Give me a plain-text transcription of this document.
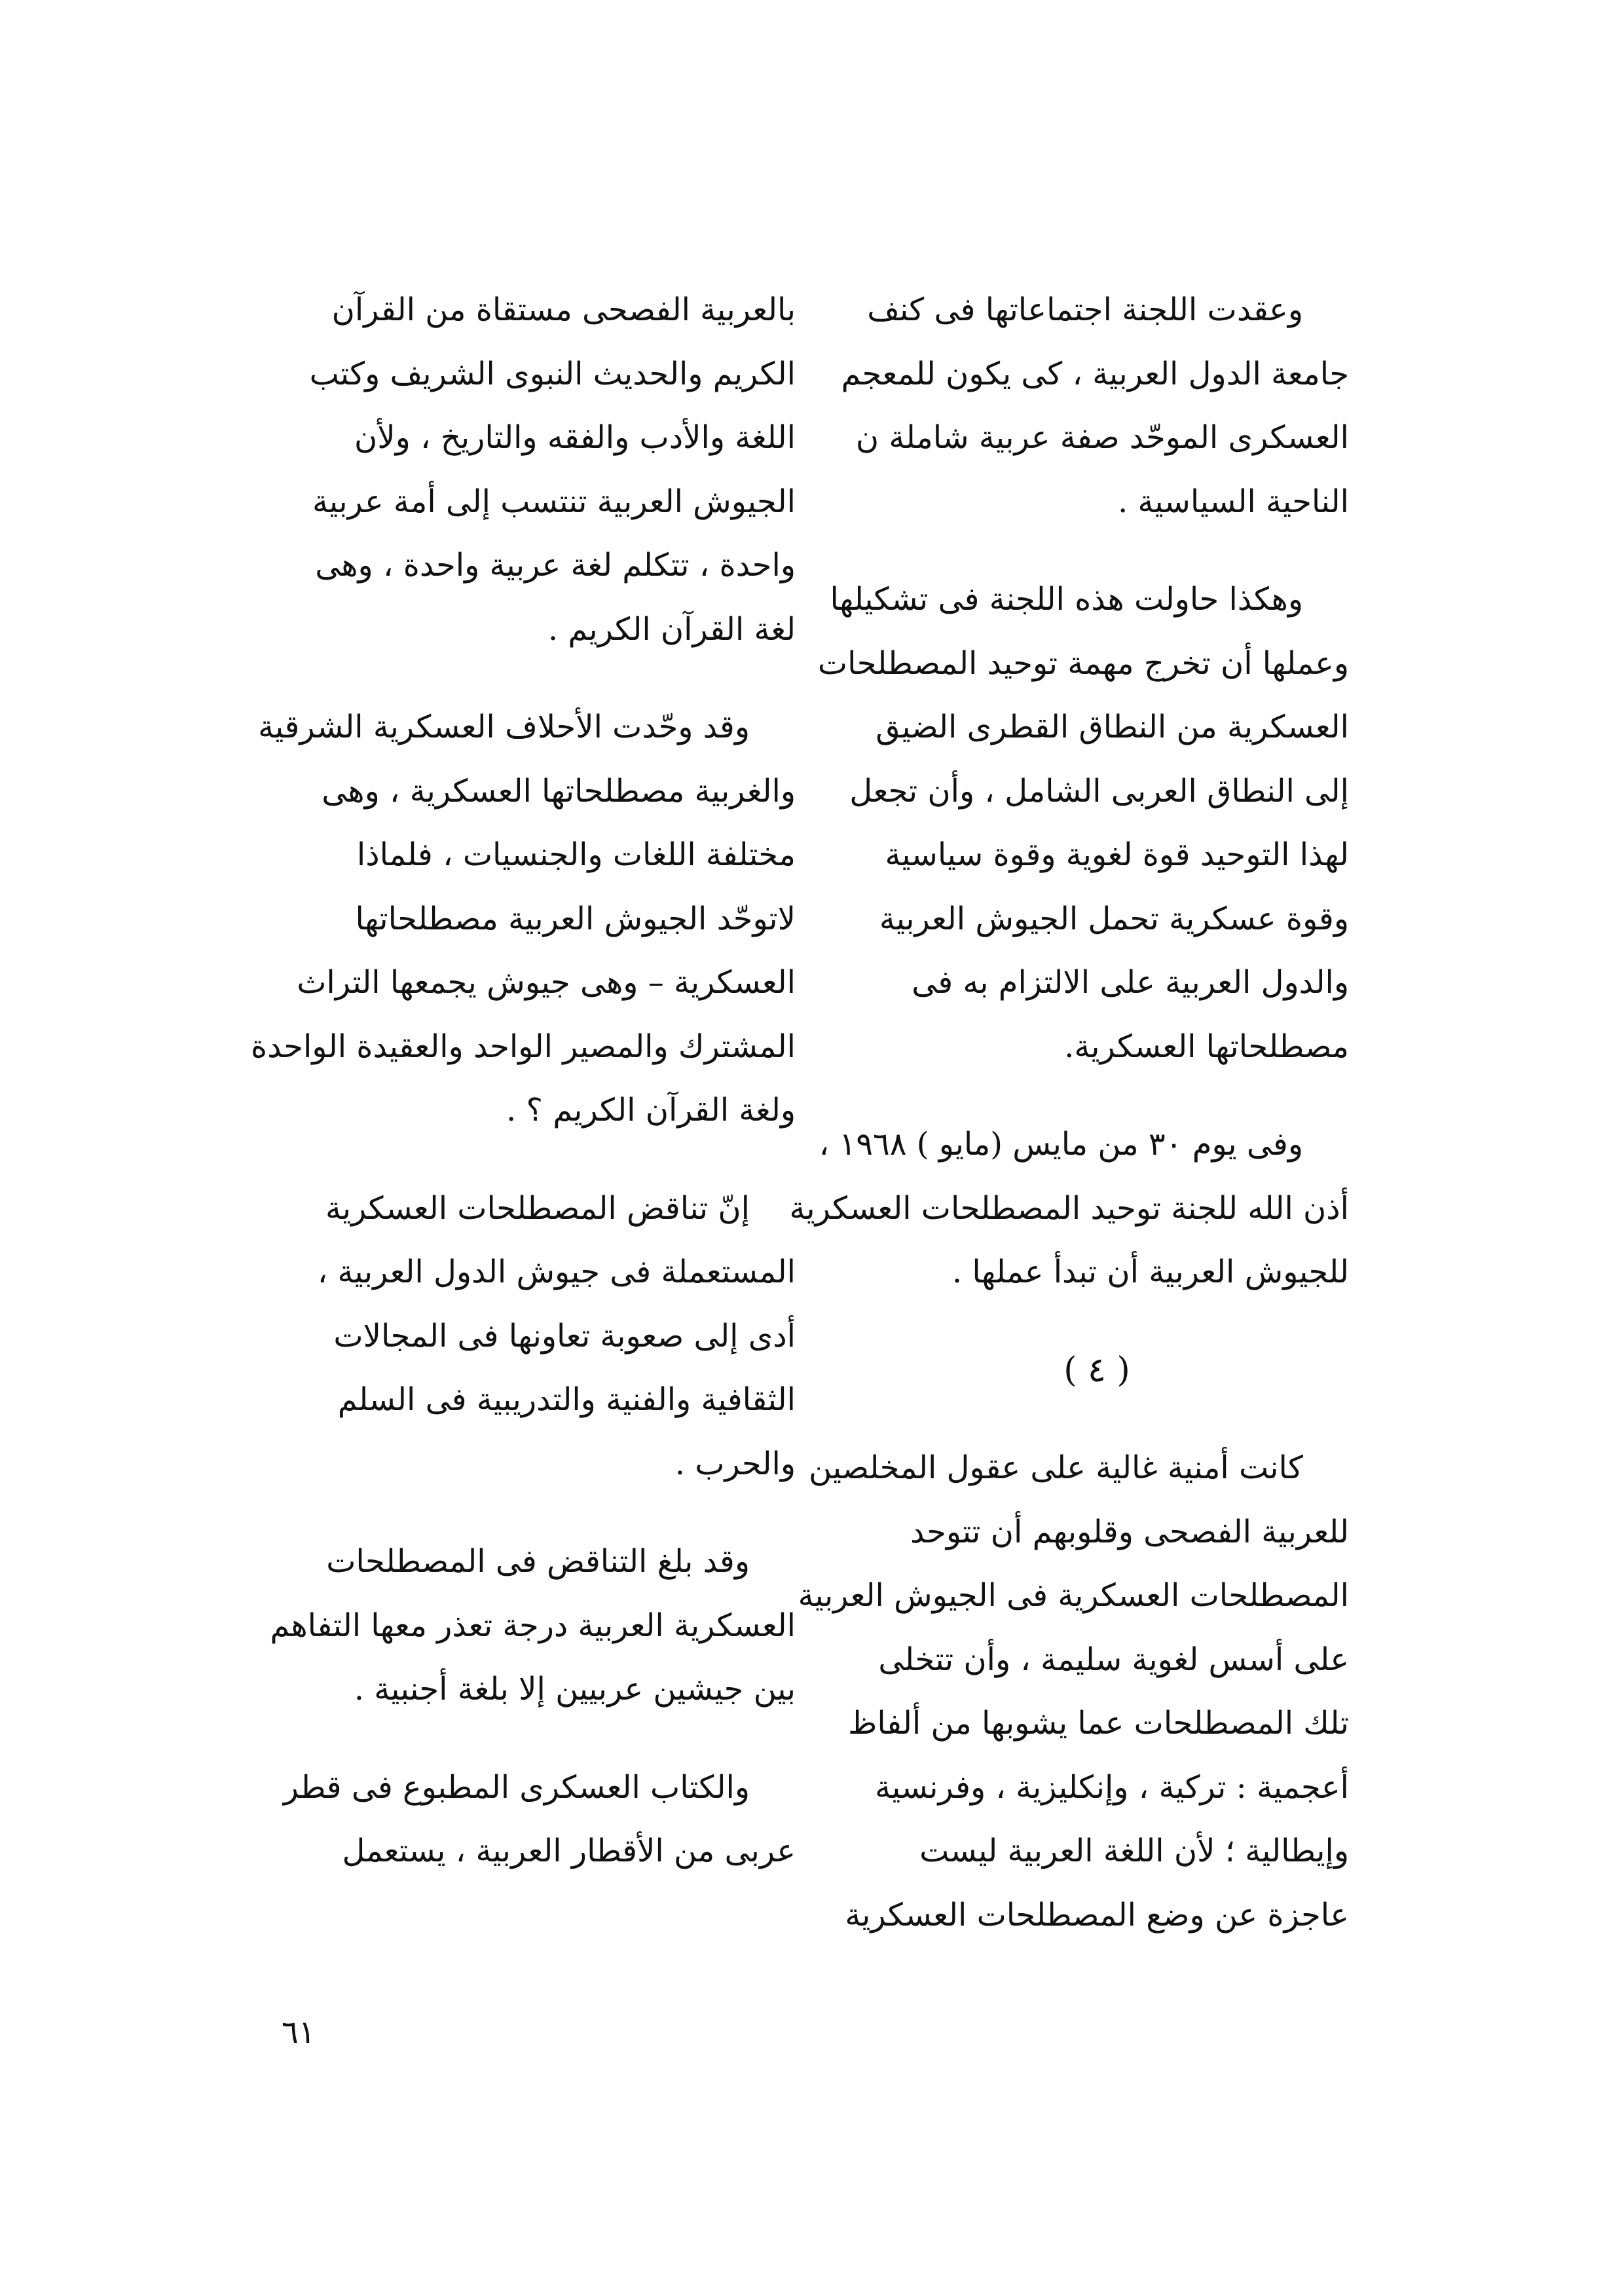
وعقدت اللجنة اجتماعاتها فى كنف
جامعة الدول العربية ، كى يكون للمعجم
العسكرى الموحّد صفة عربية شاملة ن
الناحية السياسية .
وهكذا حاولت هذه اللجنة فى تشكيلها
وعملها أن تخرج مهمة توحيد المصطلحات
العسكرية من النطاق القطرى الضيق
إلى النطاق العربى الشامل ، وأن تجعل
لهذا التوحيد قوة لغوية وقوة سياسية
وقوة عسكرية تحمل الجيوش العربية
والدول العربية على الالتزام به فى
مصطلحاتها العسكرية.
وفى يوم ٣٠ من مايس (مايو ) ١٩٦٨ ،
أذن الله للجنة توحيد المصطلحات العسكرية
للجيوش العربية أن تبدأ عملها .
( ٤ )
كانت أمنية غالية على عقول المخلصين
للعربية الفصحى وقلوبهم أن تتوحد
المصطلحات العسكرية فى الجيوش العربية
على أسس لغوية سليمة ، وأن تتخلى
تلك المصطلحات عما يشوبها من ألفاظ
أعجمية : تركية ، وإنكليزية ، وفرنسية
وإيطالية ؛ لأن اللغة العربية ليست
عاجزة عن وضع المصطلحات العسكرية
بالعربية الفصحى مستقاة من القرآن
الكريم والحديث النبوى الشريف وكتب
اللغة والأدب والفقه والتاريخ ، ولأن
الجيوش العربية تنتسب إلى أمة عربية
واحدة ، تتكلم لغة عربية واحدة ، وهى
لغة القرآن الكريم .
وقد وحّدت الأحلاف العسكرية الشرقية
والغربية مصطلحاتها العسكرية ، وهى
مختلفة اللغات والجنسيات ، فلماذا
لاتوحّد الجيوش العربية مصطلحاتها
العسكرية – وهى جيوش يجمعها التراث
المشترك والمصير الواحد والعقيدة الواحدة
ولغة القرآن الكريم ؟ .
إنّ تناقض المصطلحات العسكرية
المستعملة فى جيوش الدول العربية ،
أدى إلى صعوبة تعاونها فى المجالات
الثقافية والفنية والتدريبية فى السلم
والحرب .
وقد بلغ التناقض فى المصطلحات
العسكرية العربية درجة تعذر معها التفاهم
بين جيشين عربيين إلا بلغة أجنبية .
والكتاب العسكرى المطبوع فى قطر
عربى من الأقطار العربية ، يستعمل
٦١
